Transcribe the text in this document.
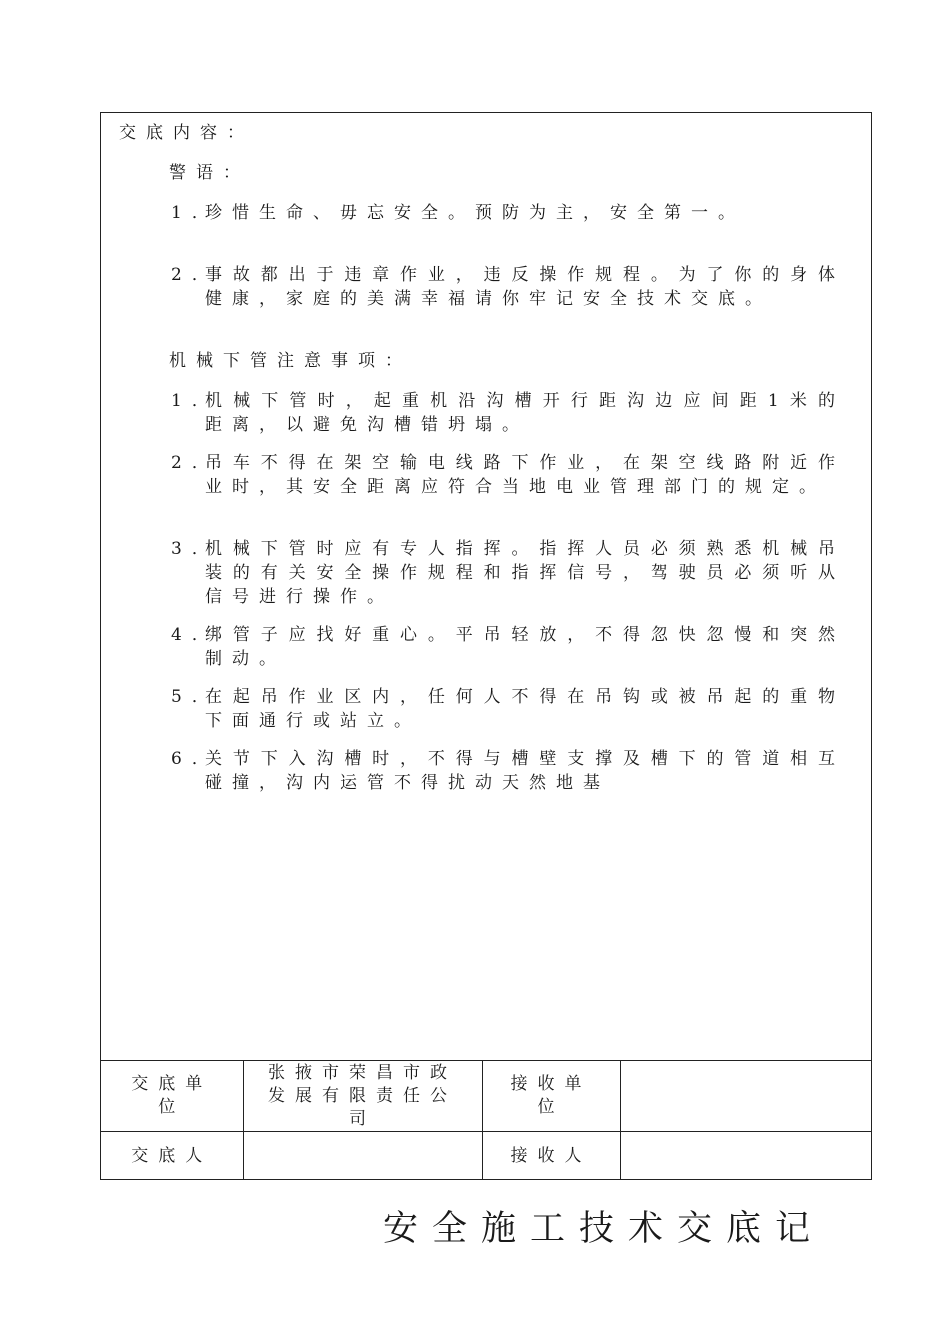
交底内容：
警语：
1．
珍惜生命、毋忘安全。预防为主，安全第一。
2．
事故都出于违章作业，违反操作规程。为了你的身体健康，家庭的美满幸福请你牢记安全技术交底。
机械下管注意事项：
1．
机械下管时，起重机沿沟槽开行距沟边应间距1米的距离，以避免沟槽错坍塌。
2．
吊车不得在架空输电线路下作业，在架空线路附近作业时，其安全距离应符合当地电业管理部门的规定。
3．
机械下管时应有专人指挥。指挥人员必须熟悉机械吊装的有关安全操作规程和指挥信号，驾驶员必须听从信号进行操作。
4．
绑管子应找好重心。平吊轻放，不得忽快忽慢和突然制动。
5．
在起吊作业区内，任何人不得在吊钩或被吊起的重物下面通行或站立。
6．
关节下入沟槽时，不得与槽壁支撑及槽下的管道相互碰撞，沟内运管不得扰动天然地基
交底单位	张掖市荣昌市政发展有限责任公司	接收单位	
交底人		接收人	
安全施工技术交底记
